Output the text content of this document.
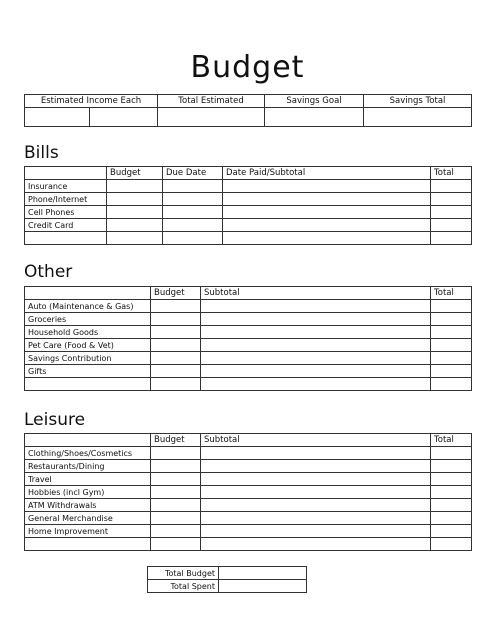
Budget
Estimated Income Each		Total Estimated	Savings Goal	Savings Total

Bills
	Budget	Due Date	Date Paid/Subtotal	Total
Insurance				
Phone/Internet				
Cell Phones				
Credit Card				

Other
	Budget	Subtotal	Total
Auto (Maintenance & Gas)			
Groceries			
Household Goods			
Pet Care (Food & Vet)			
Savings Contribution			
Gifts			

Leisure
	Budget	Subtotal	Total
Clothing/Shoes/Cosmetics			
Restaurants/Dining			
Travel			
Hobbies (incl Gym)			
ATM Withdrawals			
General Merchandise			
Home Improvement			

Total Budget	
Total Spent	
